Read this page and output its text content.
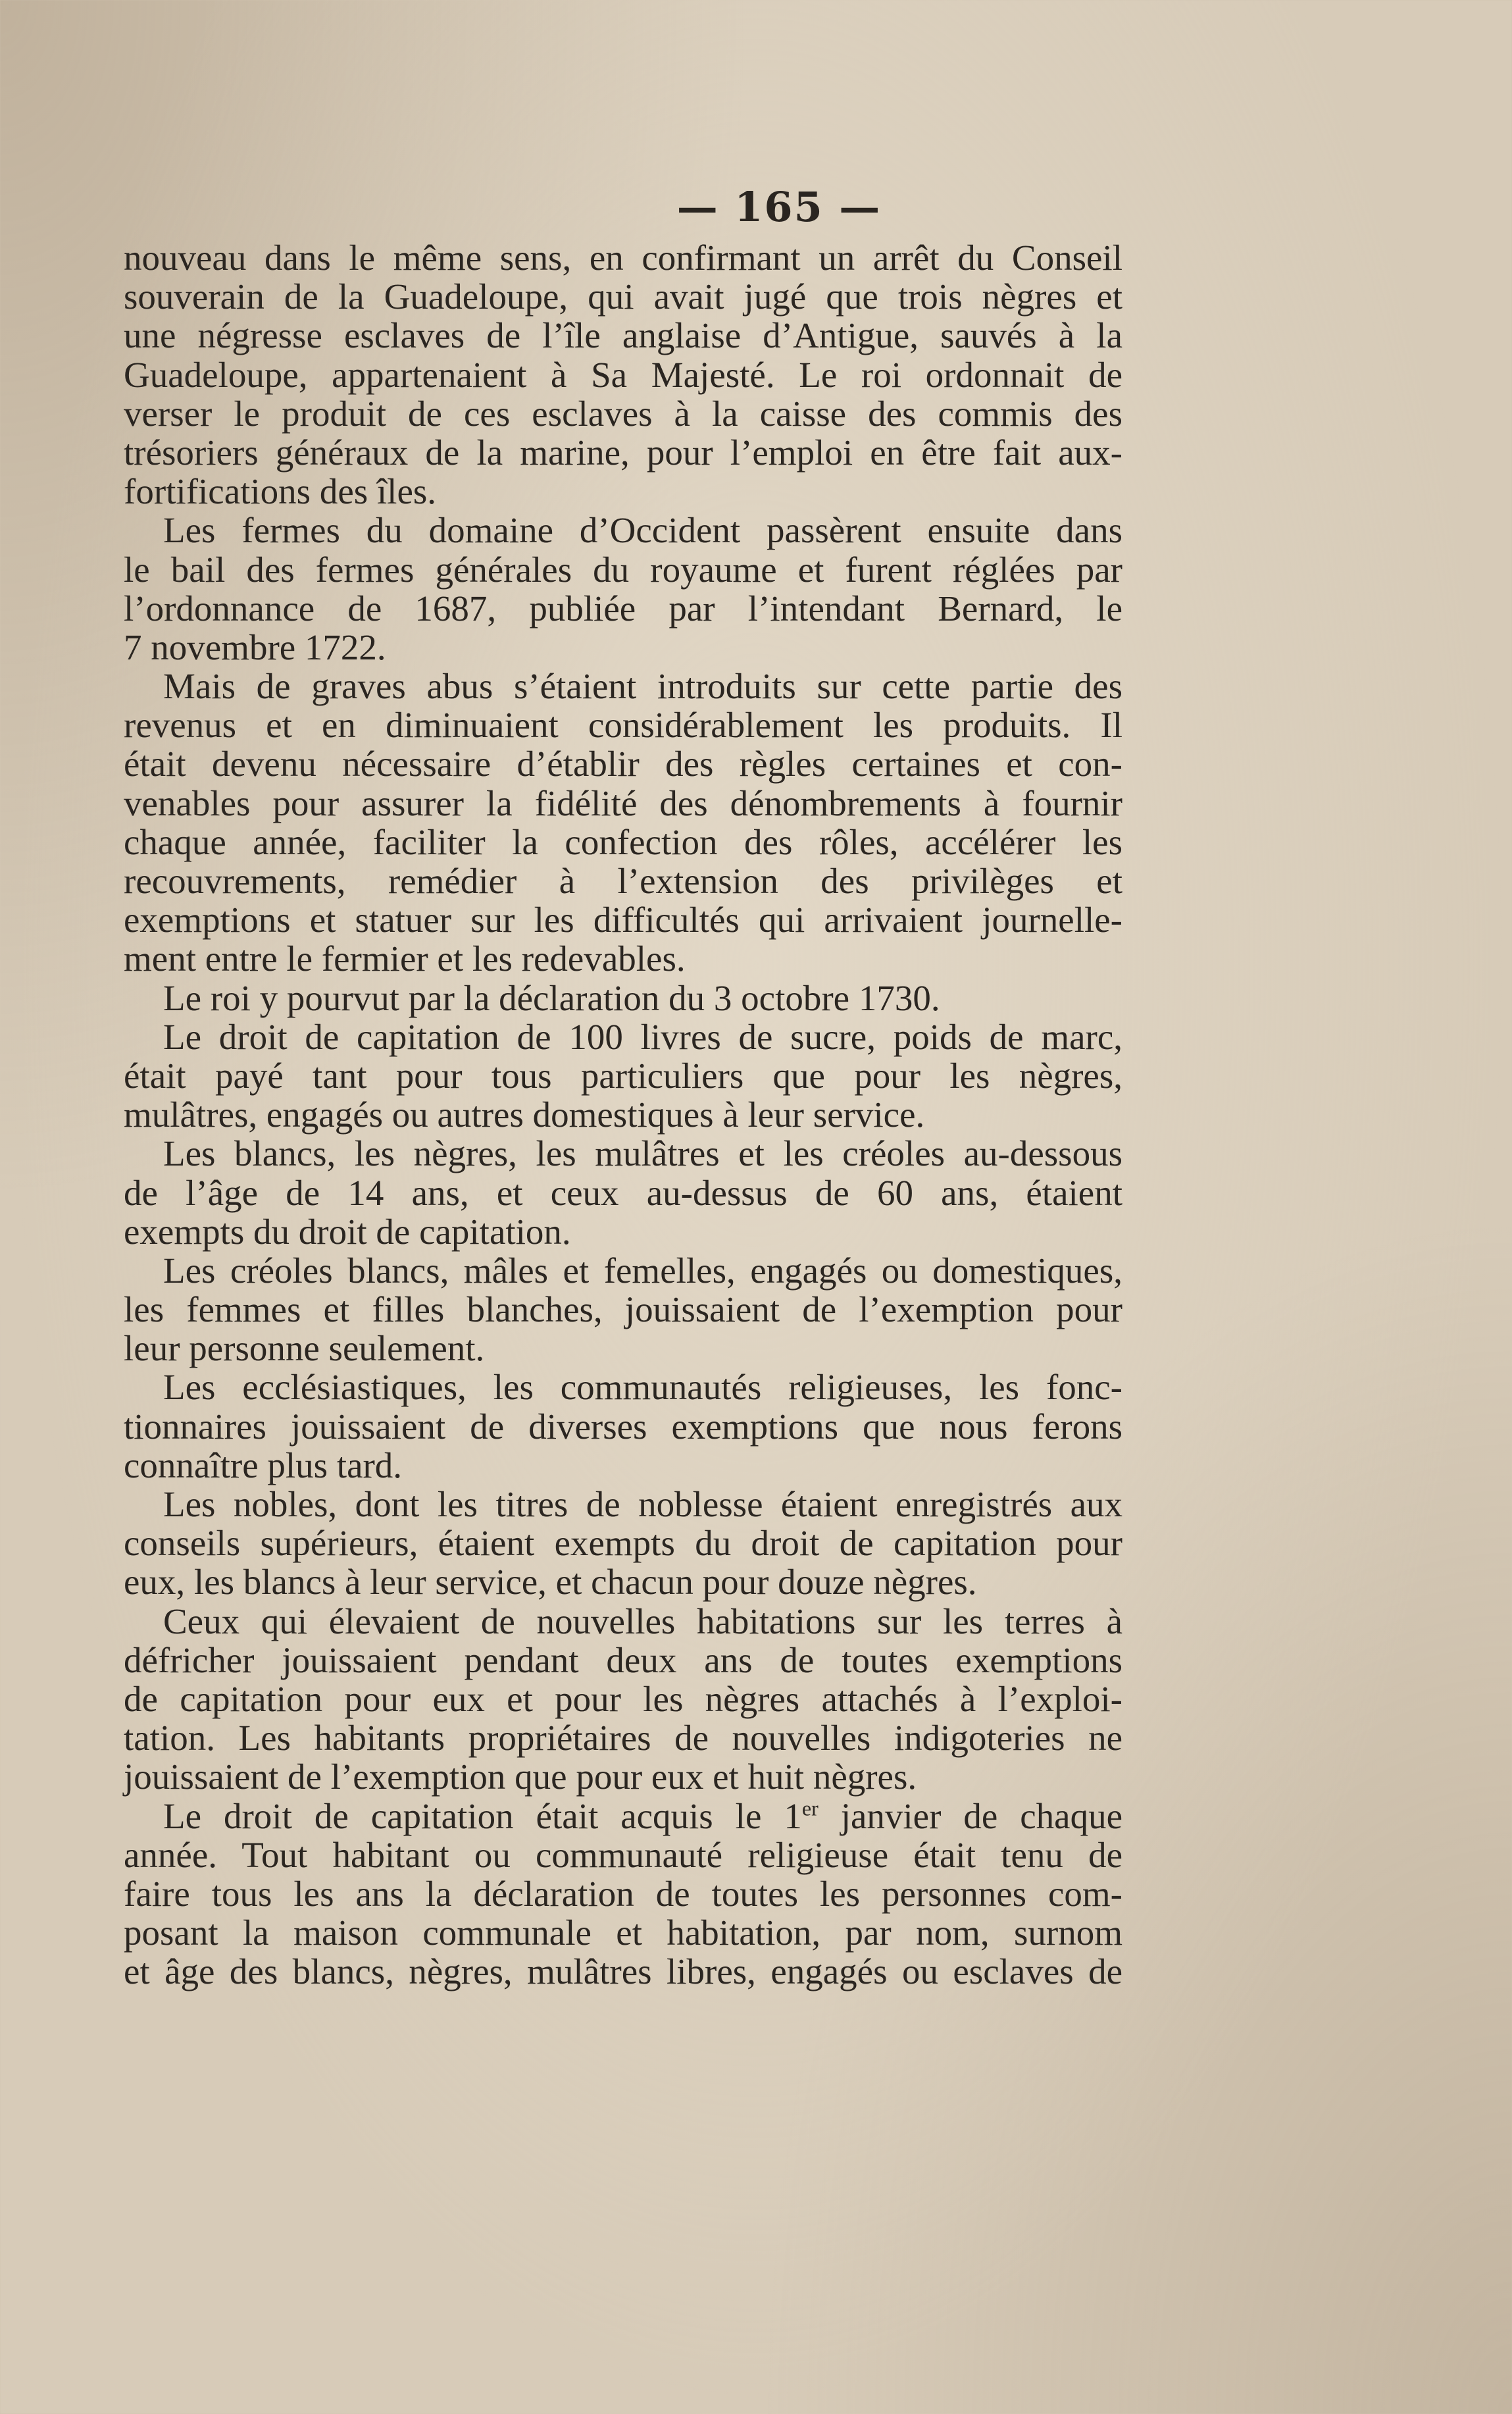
— 165 —
nouveau dans le même sens, en confirmant un arrêt du Conseil
souverain de la Guadeloupe, qui avait jugé que trois nègres et
une négresse esclaves de l’île anglaise d’Antigue, sauvés à la
Guadeloupe, appartenaient à Sa Majesté. Le roi ordonnait de
verser le produit de ces esclaves à la caisse des commis des
trésoriers généraux de la marine, pour l’emploi en être fait aux-
fortifications des îles.
Les fermes du domaine d’Occident passèrent ensuite dans
le bail des fermes générales du royaume et furent réglées par
l’ordonnance de 1687, publiée par l’intendant Bernard, le
7 novembre 1722.
Mais de graves abus s’étaient introduits sur cette partie des
revenus et en diminuaient considérablement les produits. Il
était devenu nécessaire d’établir des règles certaines et con-
venables pour assurer la fidélité des dénombrements à fournir
chaque année, faciliter la confection des rôles, accélérer les
recouvrements, remédier à l’extension des privilèges et
exemptions et statuer sur les difficultés qui arrivaient journelle-
ment entre le fermier et les redevables.
Le roi y pourvut par la déclaration du 3 octobre 1730.
Le droit de capitation de 100 livres de sucre, poids de marc,
était payé tant pour tous particuliers que pour les nègres,
mulâtres, engagés ou autres domestiques à leur service.
Les blancs, les nègres, les mulâtres et les créoles au-dessous
de l’âge de 14 ans, et ceux au-dessus de 60 ans, étaient
exempts du droit de capitation.
Les créoles blancs, mâles et femelles, engagés ou domestiques,
les femmes et filles blanches, jouissaient de l’exemption pour
leur personne seulement.
Les ecclésiastiques, les communautés religieuses, les fonc-
tionnaires jouissaient de diverses exemptions que nous ferons
connaître plus tard.
Les nobles, dont les titres de noblesse étaient enregistrés aux
conseils supérieurs, étaient exempts du droit de capitation pour
eux, les blancs à leur service, et chacun pour douze nègres.
Ceux qui élevaient de nouvelles habitations sur les terres à
défricher jouissaient pendant deux ans de toutes exemptions
de capitation pour eux et pour les nègres attachés à l’exploi-
tation. Les habitants propriétaires de nouvelles indigoteries ne
jouissaient de l’exemption que pour eux et huit nègres.
Le droit de capitation était acquis le 1er janvier de chaque
année. Tout habitant ou communauté religieuse était tenu de
faire tous les ans la déclaration de toutes les personnes com-
posant la maison communale et habitation, par nom, surnom
et âge des blancs, nègres, mulâtres libres, engagés ou esclaves de
